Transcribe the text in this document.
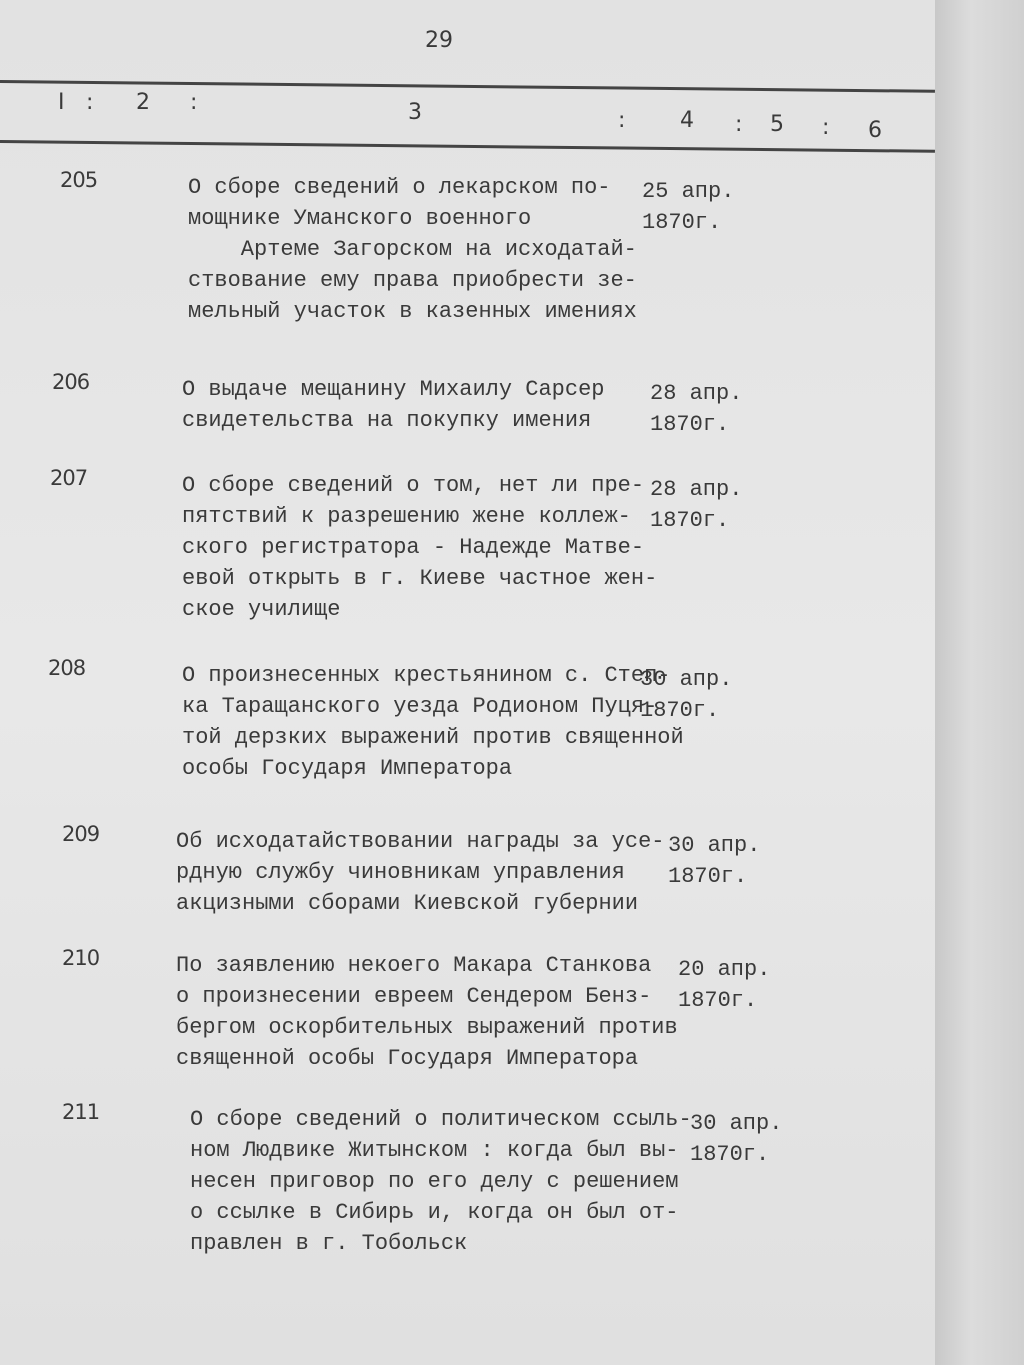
29
I : 2 :	3	: 4 : 5 : 6
205	О сборе сведений о лекарском по-
мощнике Уманского военного
Артеме Загорском на исходатай-
ствование ему права приобрести зе-
мельный участок в казенных имениях
25 апр.
1870г.
206	О выдаче мещанину Михаилу Сарсер
свидетельства на покупку имения
28 апр.
1870г.
207	О сборе сведений о том, нет ли пре-
пятствий к разрешению жене коллеж-
ского регистратора - Надежде Матве-
евой открыть в г. Киеве частное жен-
ское училище
28 апр.
1870г.
208	О произнесенных крестьянином с. Степ-
ка Таращанского уезда Родионом Пуця-
той дерзких выражений против священной
особы Государя Императора
30 апр.
1870г.
209	Об исходатайствовании награды за усе-
рдную службу чиновникам управления
акцизными сборами Киевской губернии
30 апр.
1870г.
210	По заявлению некоего Макара Станкова
о произнесении евреем Сендером Бенз-
бергом оскорбительных выражений против
священной особы Государя Императора
20 апр.
1870г.
211	О сборе сведений о политическом ссыль-
ном Людвике Житынском : когда был вы-
несен приговор по его делу с решением
о ссылке в Сибирь и, когда он был от-
правлен в г. Тобольск
30 апр.
1870г.
